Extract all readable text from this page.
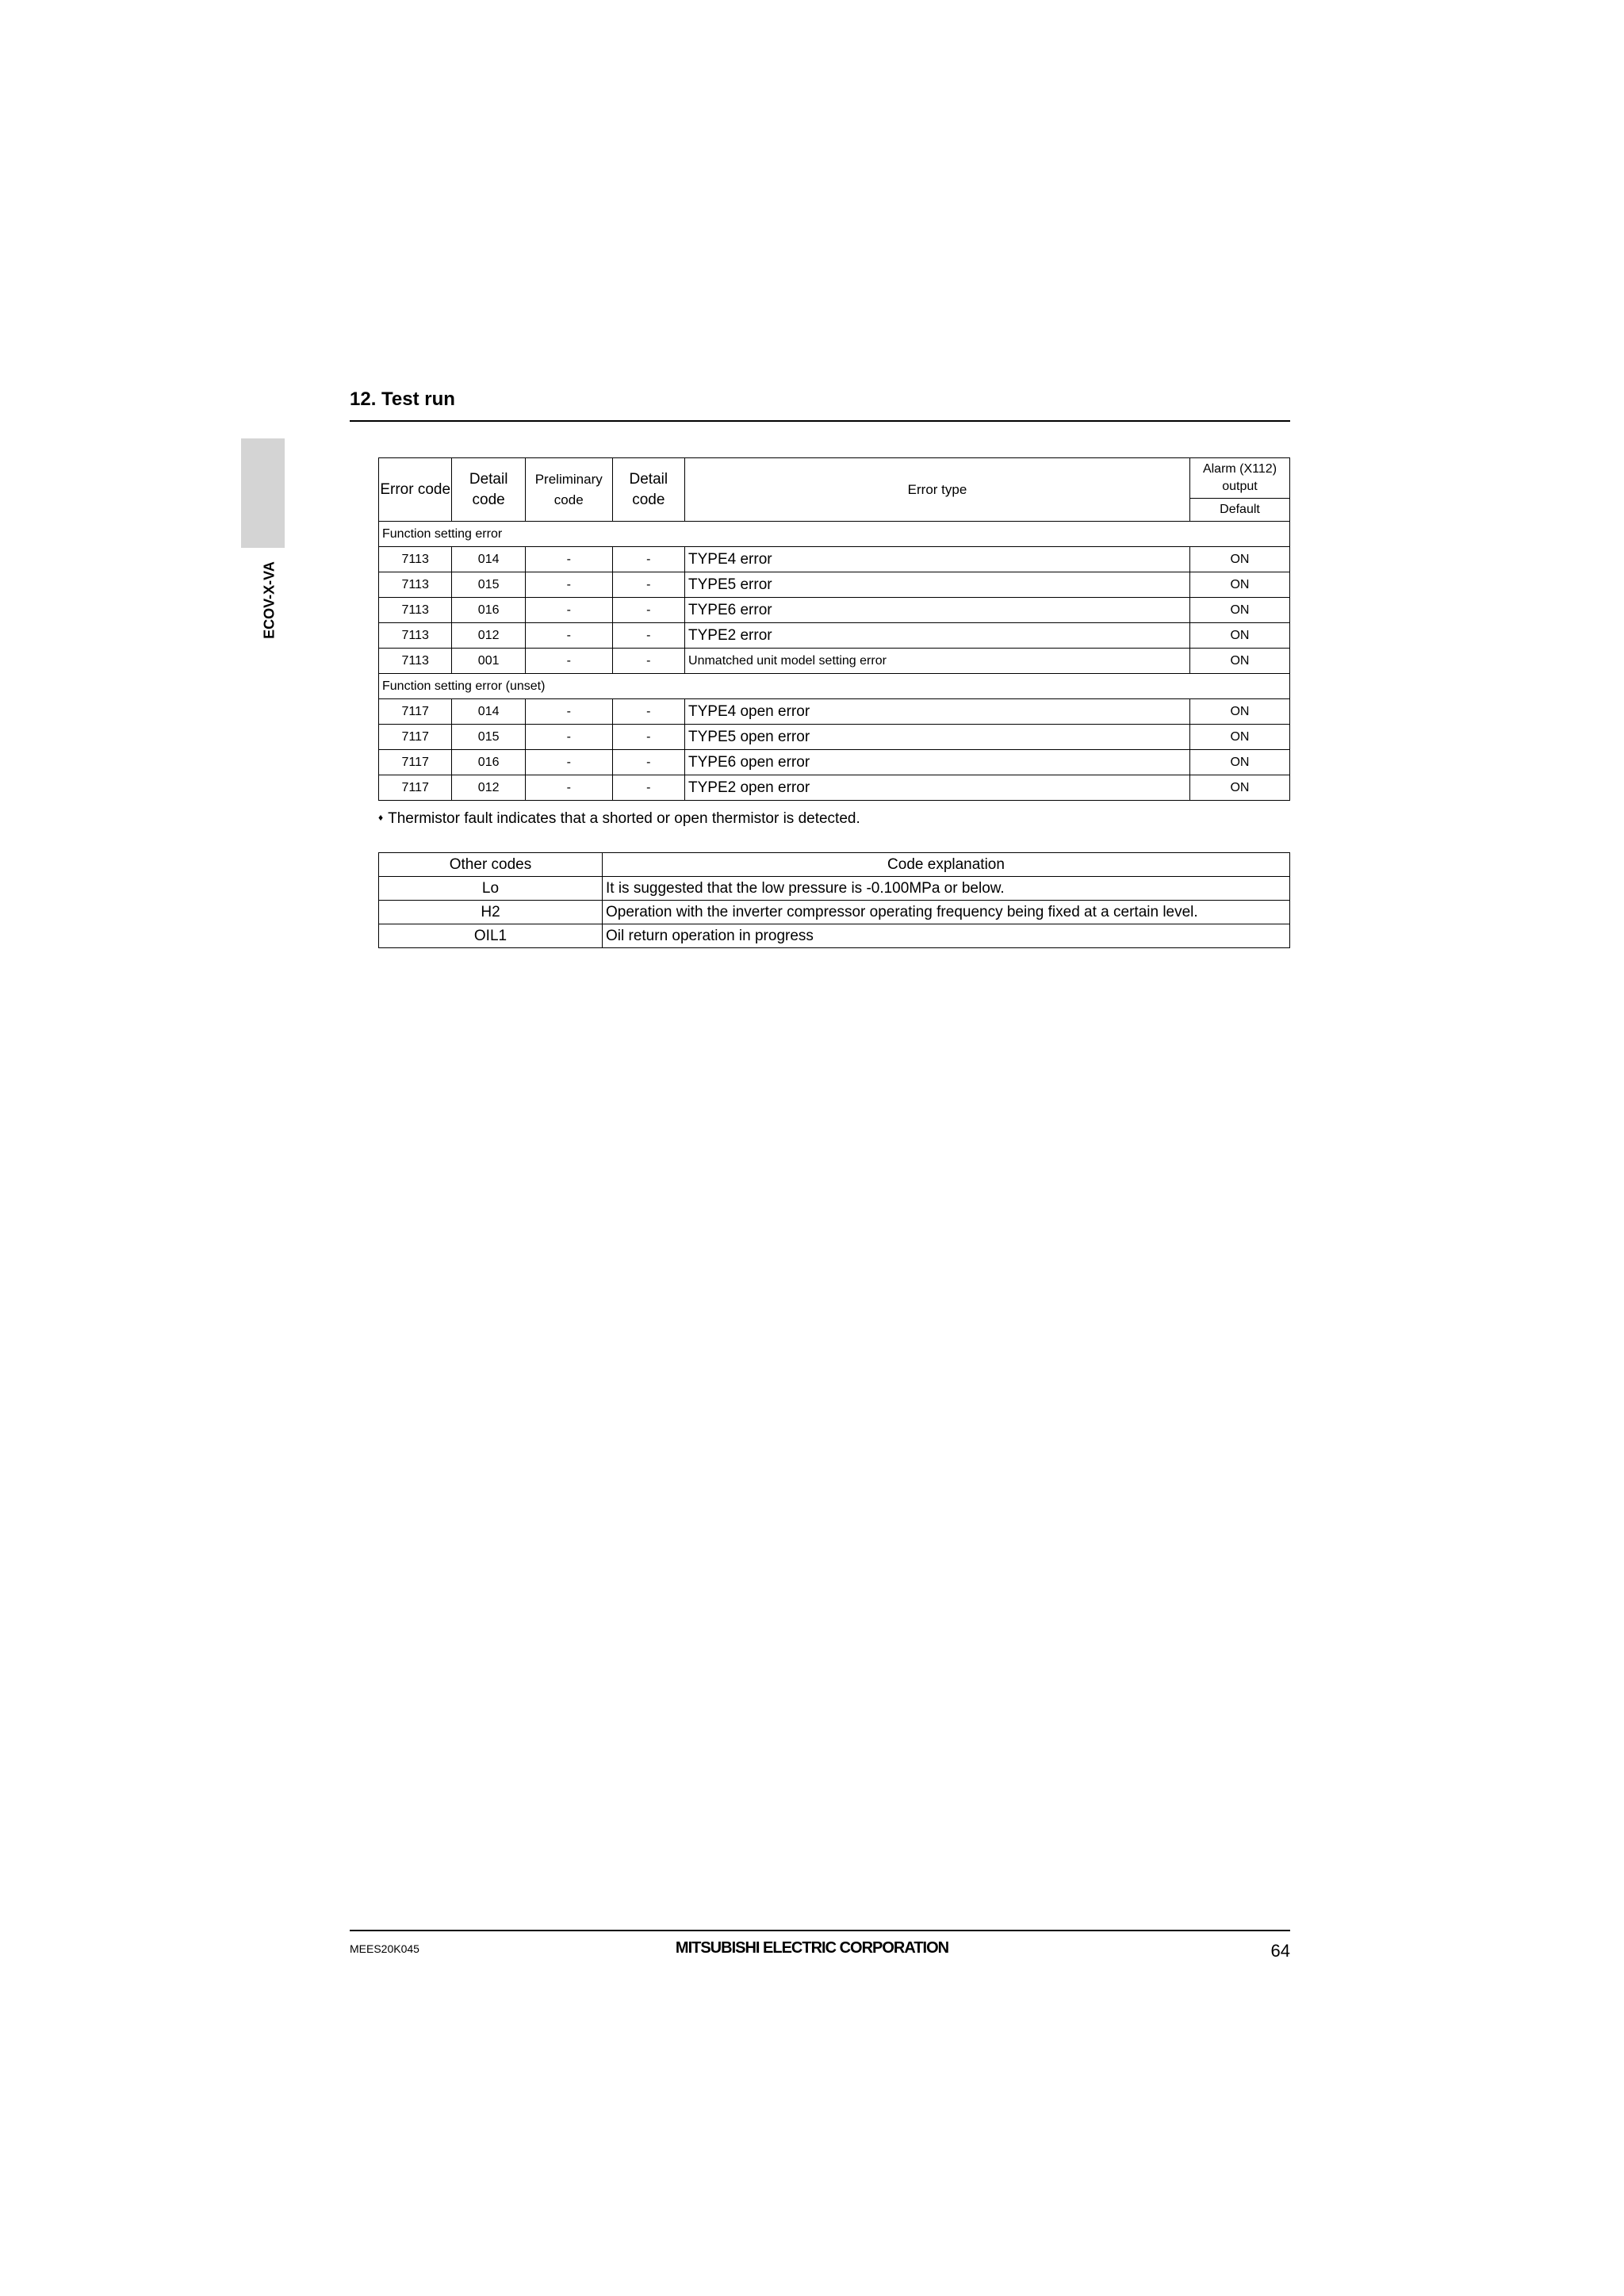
12. Test run
ECOV-X-VA
Error code	Detail code	Preliminary code	Detail code	Error type	Alarm (X112) output
					Default
Function setting error					
7113	014	-	-	TYPE4 error	ON
7113	015	-	-	TYPE5 error	ON
7113	016	-	-	TYPE6 error	ON
7113	012	-	-	TYPE2 error	ON
7113	001	-	-	Unmatched unit model setting error	ON
Function setting error (unset)					
7117	014	-	-	TYPE4 open error	ON
7117	015	-	-	TYPE5 open error	ON
7117	016	-	-	TYPE6 open error	ON
7117	012	-	-	TYPE2 open error	ON

♦ Thermistor fault indicates that a shorted or open thermistor is detected.

Other codes	Code explanation
Lo	It is suggested that the low pressure is -0.100MPa or below.
H2	Operation with the inverter compressor operating frequency being fixed at a certain level.
OIL1	Oil return operation in progress
MEES20K045	MITSUBISHI ELECTRIC CORPORATION	64
